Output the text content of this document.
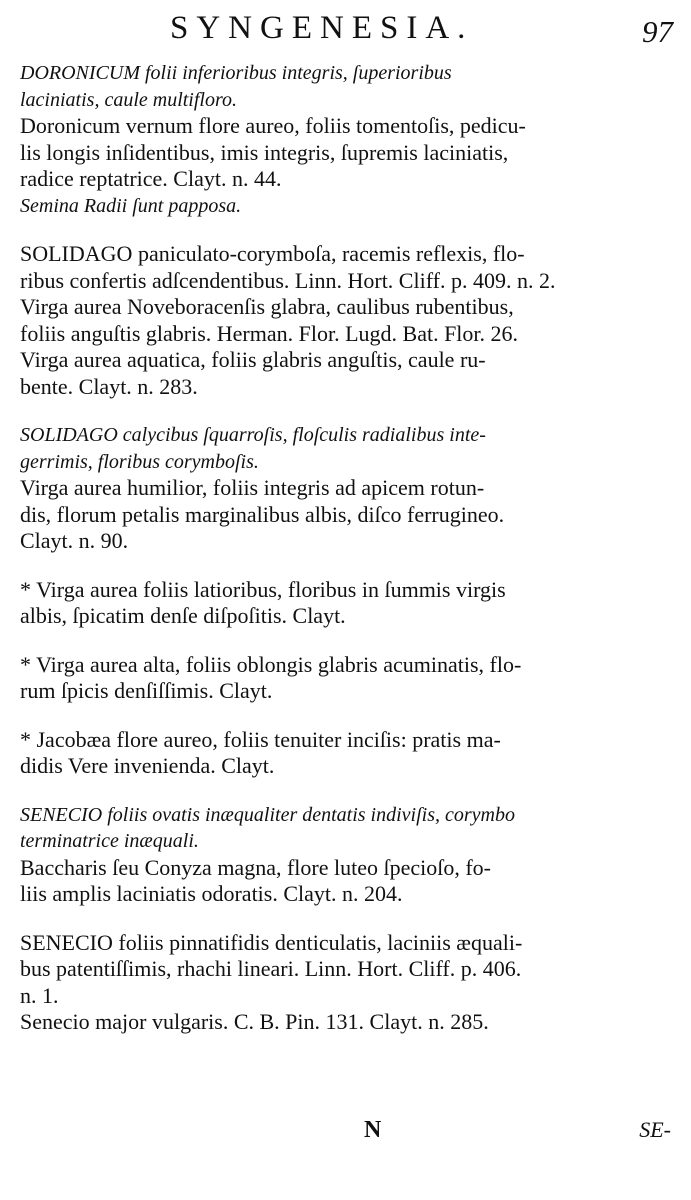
SYNGENESIA.	97
DORONICUM folii inferioribus integris, ſuperioribus
laciniatis, caule multifloro.
Doronicum vernum flore aureo, foliis tomentoſis, pedicu-
lis longis inſidentibus, imis integris, ſupremis laciniatis,
radice reptatrice. Clayt. n. 44.
Semina Radii ſunt papposa.
SOLIDAGO paniculato-corymboſa, racemis reflexis, flo-
ribus confertis adſcendentibus. Linn. Hort. Cliff. p. 409. n. 2.
Virga aurea Noveboracenſis glabra, caulibus rubentibus,
foliis anguſtis glabris. Herman. Flor. Lugd. Bat. Flor. 26.
Virga aurea aquatica, foliis glabris anguſtis, caule ru-
bente. Clayt. n. 283.
SOLIDAGO calycibus ſquarroſis, floſculis radialibus inte-
gerrimis, floribus corymboſis.
Virga aurea humilior, foliis integris ad apicem rotun-
dis, florum petalis marginalibus albis, diſco ferrugineo.
Clayt. n. 90.
* Virga aurea foliis latioribus, floribus in ſummis virgis
albis, ſpicatim denſe diſpoſitis. Clayt.
* Virga aurea alta, foliis oblongis glabris acuminatis, flo-
rum ſpicis denſiſſimis. Clayt.
* Jacobæa flore aureo, foliis tenuiter inciſis: pratis ma-
didis Vere invenienda. Clayt.
SENECIO foliis ovatis inæqualiter dentatis indiviſis, corymbo
terminatrice inæquali.
Baccharis ſeu Conyza magna, flore luteo ſpecioſo, fo-
liis amplis laciniatis odoratis. Clayt. n. 204.
SENECIO foliis pinnatifidis denticulatis, laciniis æquali-
bus patentiſſimis, rhachi lineari. Linn. Hort. Cliff. p. 406.
n. 1.
Senecio major vulgaris. C. B. Pin. 131. Clayt. n. 285.
N	SE-
